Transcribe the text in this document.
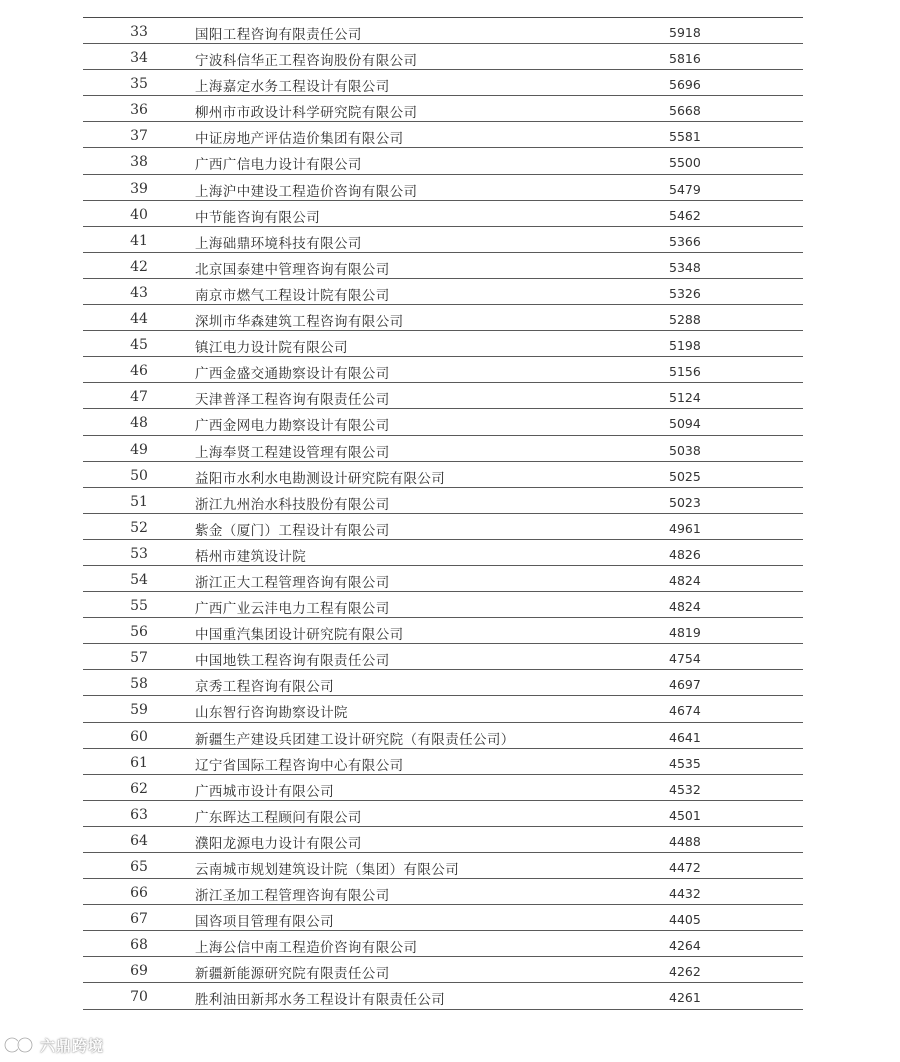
33	国阳工程咨询有限责任公司	5918
34	宁波科信华正工程咨询股份有限公司	5816
35	上海嘉定水务工程设计有限公司	5696
36	柳州市市政设计科学研究院有限公司	5668
37	中证房地产评估造价集团有限公司	5581
38	广西广信电力设计有限公司	5500
39	上海沪中建设工程造价咨询有限公司	5479
40	中节能咨询有限公司	5462
41	上海础鼎环境科技有限公司	5366
42	北京国泰建中管理咨询有限公司	5348
43	南京市燃气工程设计院有限公司	5326
44	深圳市华森建筑工程咨询有限公司	5288
45	镇江电力设计院有限公司	5198
46	广西金盛交通勘察设计有限公司	5156
47	天津普泽工程咨询有限责任公司	5124
48	广西金网电力勘察设计有限公司	5094
49	上海奉贤工程建设管理有限公司	5038
50	益阳市水利水电勘测设计研究院有限公司	5025
51	浙江九州治水科技股份有限公司	5023
52	紫金（厦门）工程设计有限公司	4961
53	梧州市建筑设计院	4826
54	浙江正大工程管理咨询有限公司	4824
55	广西广业云沣电力工程有限公司	4824
56	中国重汽集团设计研究院有限公司	4819
57	中国地铁工程咨询有限责任公司	4754
58	京秀工程咨询有限公司	4697
59	山东智行咨询勘察设计院	4674
60	新疆生产建设兵团建工设计研究院（有限责任公司）	4641
61	辽宁省国际工程咨询中心有限公司	4535
62	广西城市设计有限公司	4532
63	广东晖达工程顾问有限公司	4501
64	濮阳龙源电力设计有限公司	4488
65	云南城市规划建筑设计院（集团）有限公司	4472
66	浙江圣加工程管理咨询有限公司	4432
67	国咨项目管理有限公司	4405
68	上海公信中南工程造价咨询有限公司	4264
69	新疆新能源研究院有限责任公司	4262
70	胜利油田新邦水务工程设计有限责任公司	4261
六鼎跨境
